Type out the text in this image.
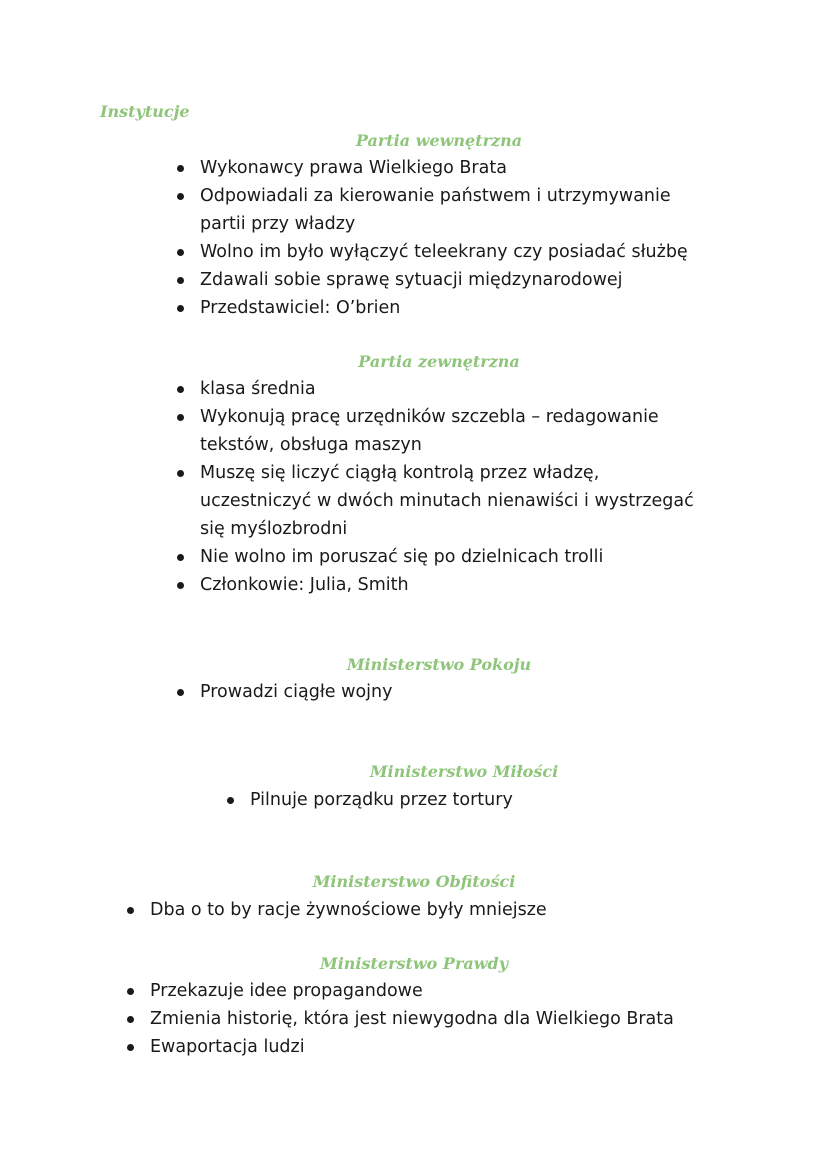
Instytucje
Partia wewnętrzna
Wykonawcy prawa Wielkiego Brata
Odpowiadali za kierowanie państwem i utrzymywanie
partii przy władzy
Wolno im było wyłączyć teleekrany czy posiadać służbę
Zdawali sobie sprawę sytuacji międzynarodowej
Przedstawiciel: O’brien
Partia zewnętrzna
klasa średnia
Wykonują pracę urzędników szczebla – redagowanie
tekstów, obsługa maszyn
Muszę się liczyć ciągłą kontrolą przez władzę,
uczestniczyć w dwóch minutach nienawiści i wystrzegać
się myślozbrodni
Nie wolno im poruszać się po dzielnicach trolli
Członkowie: Julia, Smith
Ministerstwo Pokoju
Prowadzi ciągłe wojny
Ministerstwo Miłości
Pilnuje porządku przez tortury
Ministerstwo Obfitości
Dba o to by racje żywnościowe były mniejsze
Ministerstwo Prawdy
Przekazuje idee propagandowe
Zmienia historię, która jest niewygodna dla Wielkiego Brata
Ewaportacja ludzi
